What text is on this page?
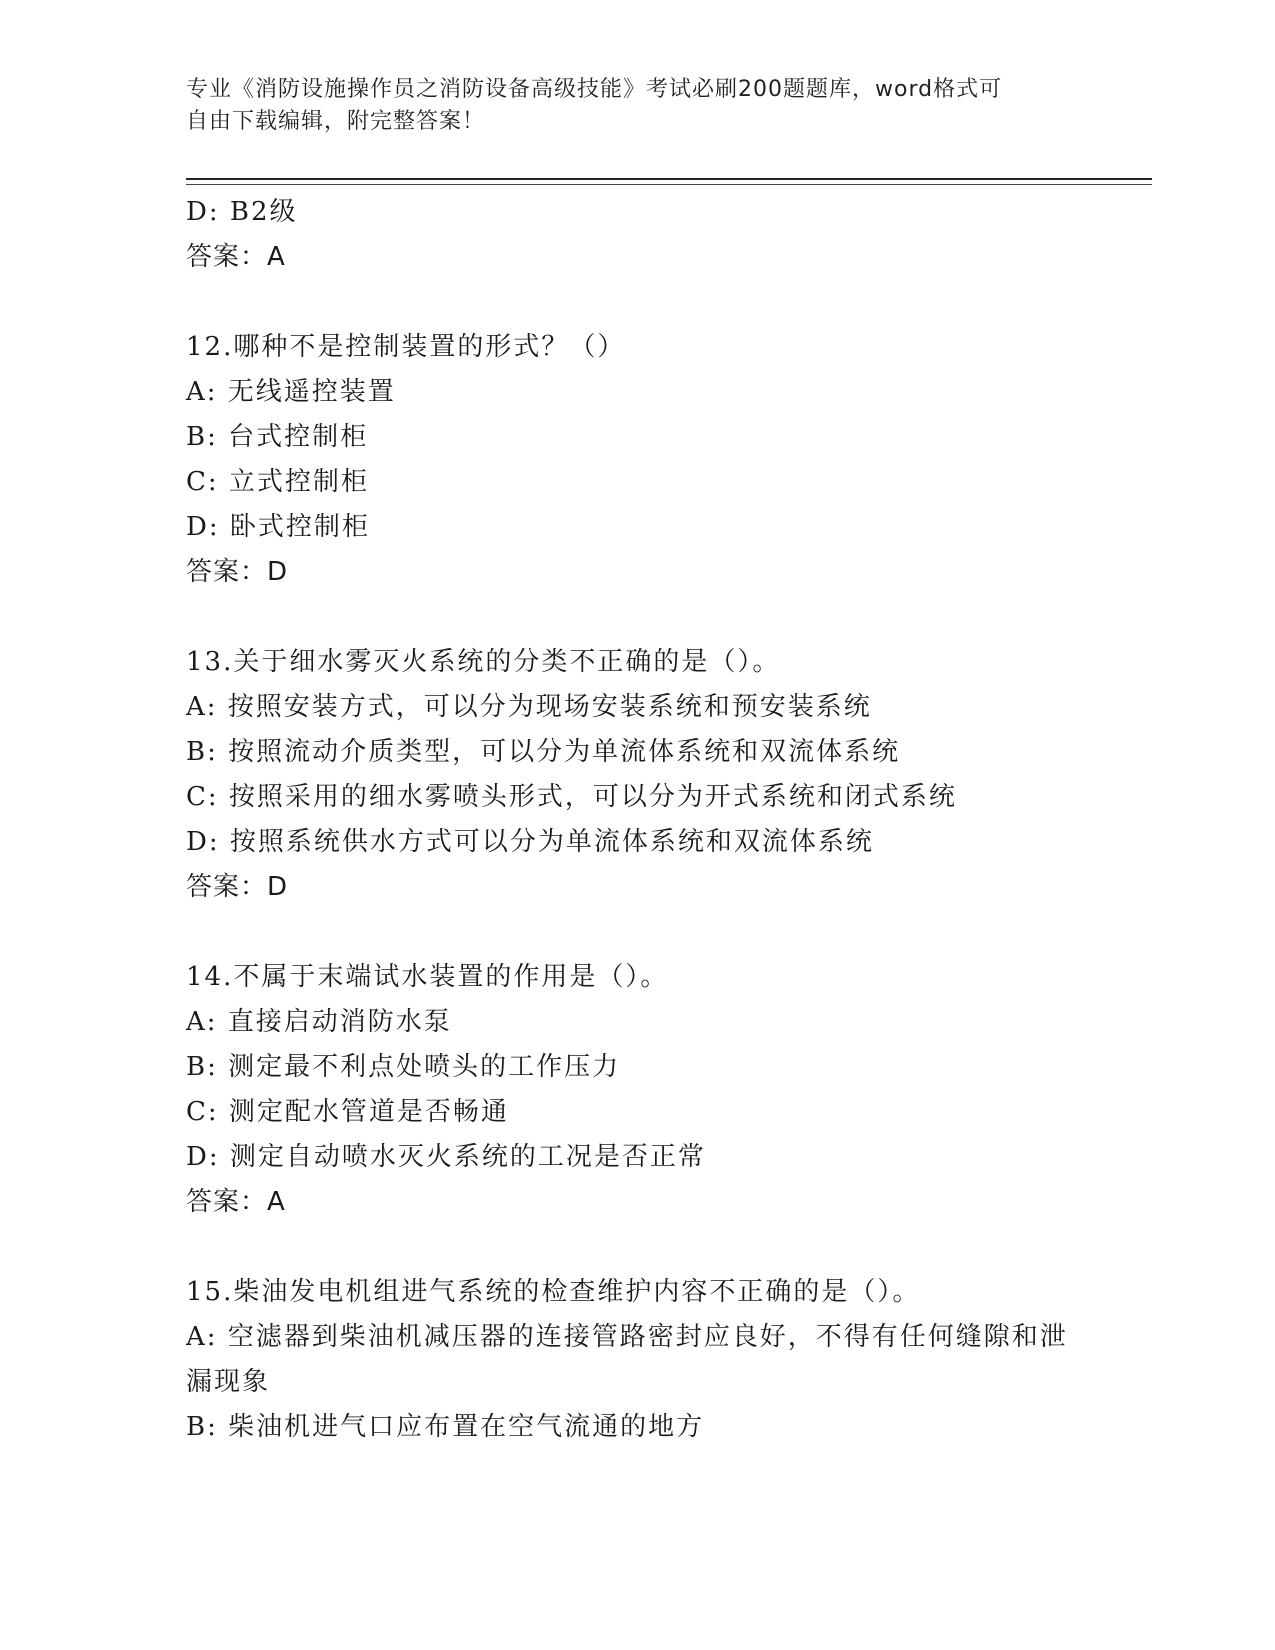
专业《消防设施操作员之消防设备高级技能》考试必刷200题题库，word格式可
自由下载编辑，附完整答案！
D: B2级
答案：A
12.哪种不是控制装置的形式？（）
A: 无线遥控装置
B: 台式控制柜
C: 立式控制柜
D: 卧式控制柜
答案：D
13.关于细水雾灭火系统的分类不正确的是（）。
A: 按照安装方式，可以分为现场安装系统和预安装系统
B: 按照流动介质类型，可以分为单流体系统和双流体系统
C: 按照采用的细水雾喷头形式，可以分为开式系统和闭式系统
D: 按照系统供水方式可以分为单流体系统和双流体系统
答案：D
14.不属于末端试水装置的作用是（）。
A: 直接启动消防水泵
B: 测定最不利点处喷头的工作压力
C: 测定配水管道是否畅通
D: 测定自动喷水灭火系统的工况是否正常
答案：A
15.柴油发电机组进气系统的检查维护内容不正确的是（）。
A: 空滤器到柴油机减压器的连接管路密封应良好，不得有任何缝隙和泄漏现象
B: 柴油机进气口应布置在空气流通的地方
